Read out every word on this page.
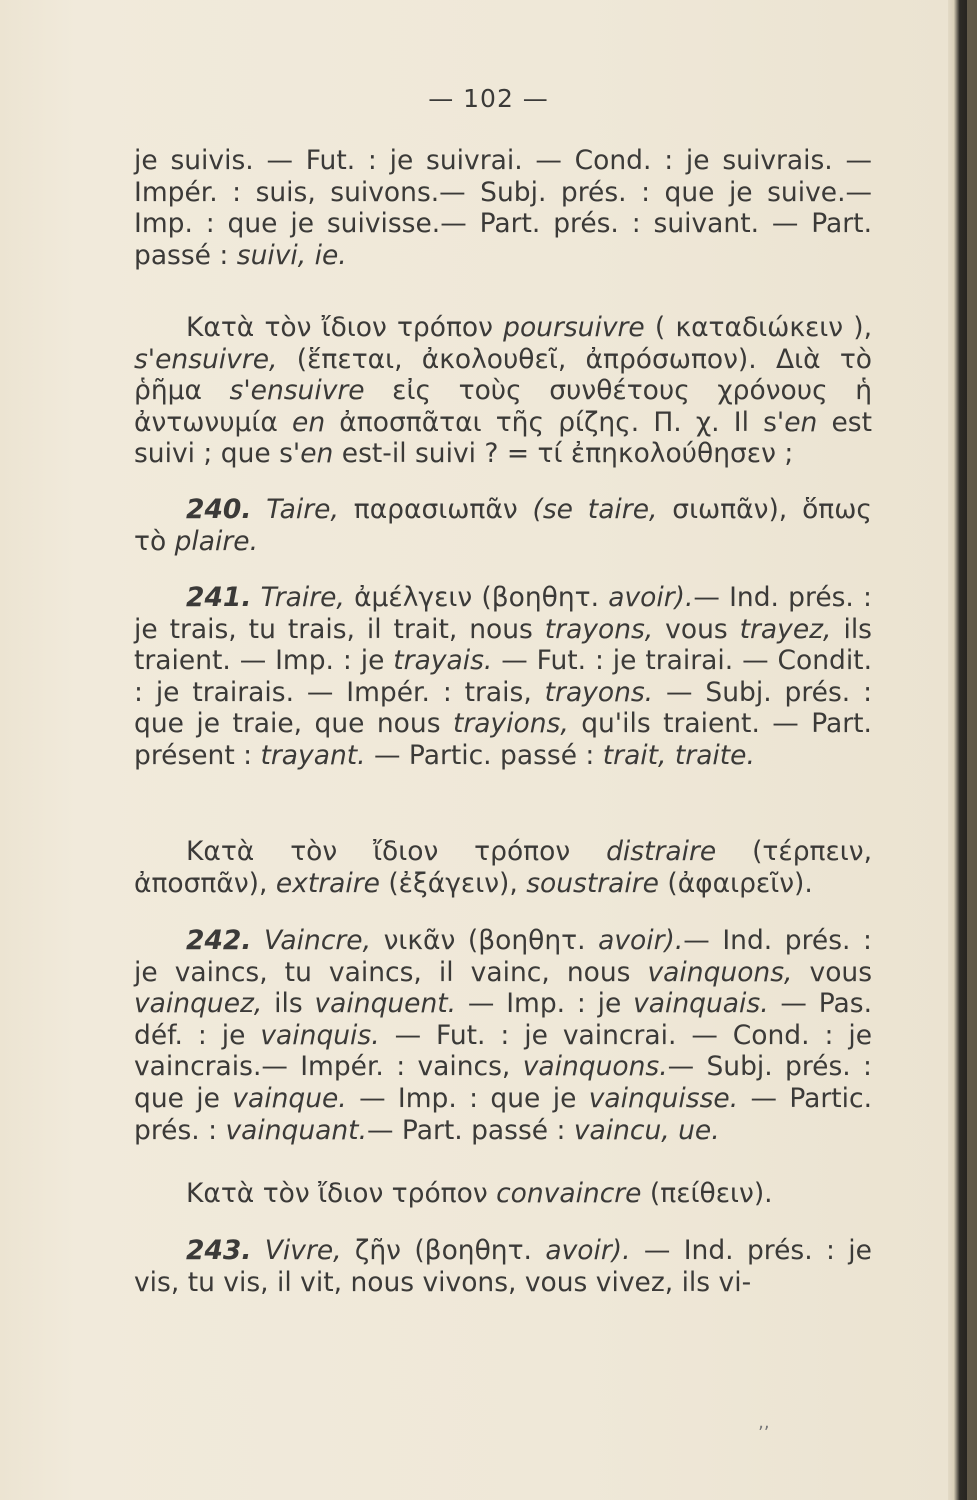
— 102 —

je suivis. — Fut. : je suivrai. — Cond. : je suivrais. — Impér. : suis, suivons.— Subj. prés. : que je suive.— Imp. : que je suivisse.— Part. prés. : suivant. — Part. passé : suivi, ie.

Κατὰ τὸν ἴδιον τρόπον poursuivre ( καταδιώκειν ), s'ensuivre, (ἕπεται, ἀκολουθεῖ, ἀπρόσωπον). Διὰ τὸ ῥῆμα s'ensuivre εἰς τοὺς συνθέτους χρόνους ἡ ἀντωνυμία en ἀποσπᾶται τῆς ρίζης. Π. χ. Il s'en est suivi ; que s'en est-il suivi ? = τί ἐπηκολούθησεν ;

240. Taire, παρασιωπᾶν (se taire, σιωπᾶν), ὅπως τὸ plaire.

241. Traire, ἀμέλγειν (βοηθητ. avoir).— Ind. prés. : je trais, tu trais, il trait, nous trayons, vous trayez, ils traient. — Imp. : je trayais. — Fut. : je trairai. — Condit. : je trairais. — Impér. : trais, trayons. — Subj. prés. : que je traie, que nous trayions, qu'ils traient. — Part. présent : trayant. — Partic. passé : trait, traite.

Κατὰ τὸν ἴδιον τρόπον distraire (τέρπειν, ἀποσπᾶν), extraire (ἐξάγειν), soustraire (ἀφαιρεῖν).

242. Vaincre, νικᾶν (βοηθητ. avoir).— Ind. prés. : je vaincs, tu vaincs, il vainc, nous vainquons, vous vainquez, ils vainquent. — Imp. : je vainquais. — Pas. déf. : je vainquis. — Fut. : je vaincrai. — Cond. : je vaincrais.— Impér. : vaincs, vainquons.— Subj. prés. : que je vainque. — Imp. : que je vainquisse. — Partic. prés. : vainquant.— Part. passé : vaincu, ue.

Κατὰ τὸν ἴδιον τρόπον convaincre (πείθειν).

243. Vivre, ζῆν (βοηθητ. avoir). — Ind. prés. : je vis, tu vis, il vit, nous vivons, vous vivez, ils vi-

‚‚
